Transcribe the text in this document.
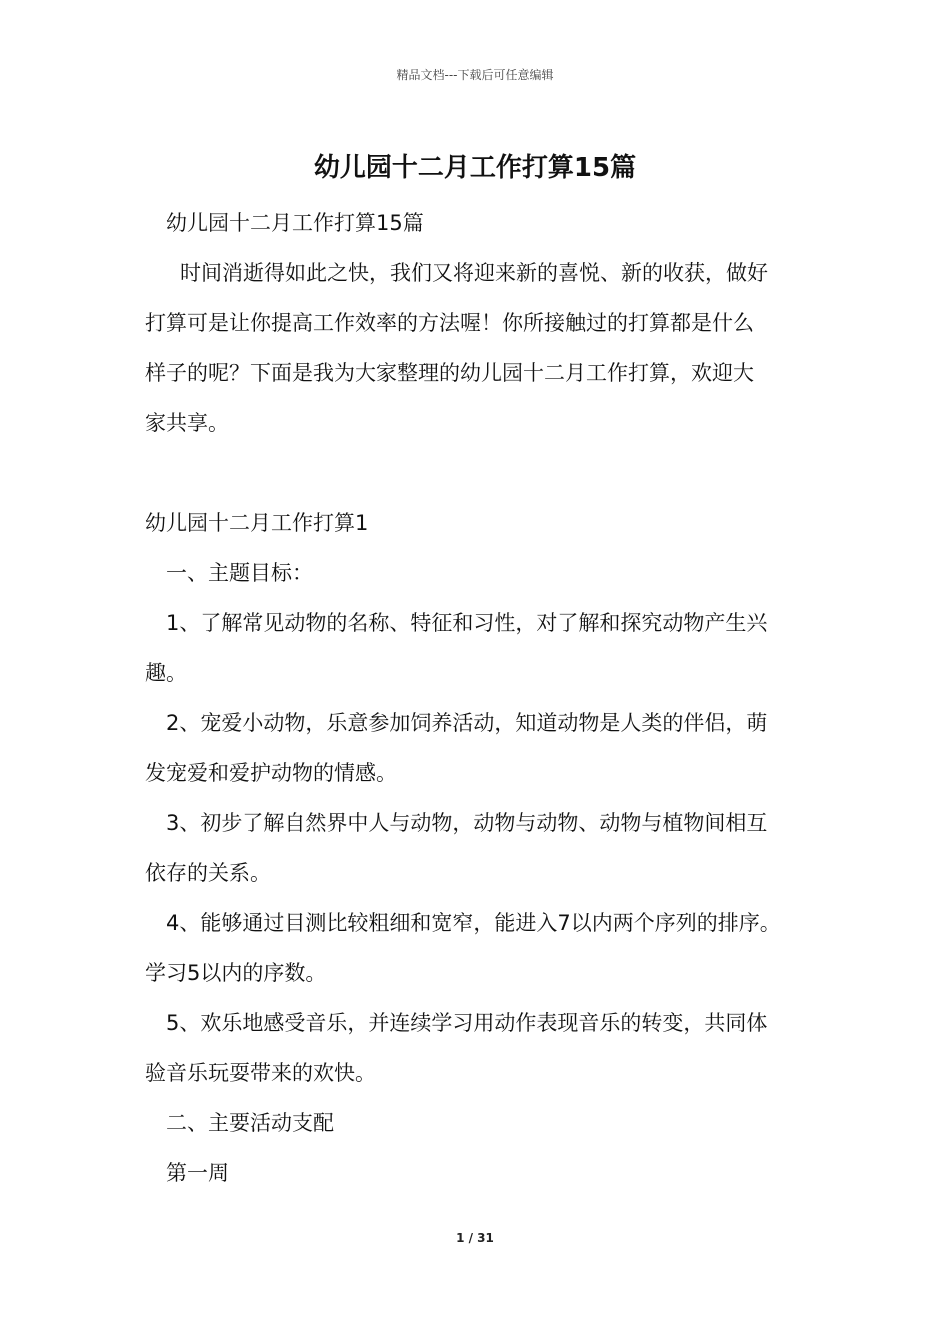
精品文档---下载后可任意编辑
幼儿园十二月工作打算15篇
幼儿园十二月工作打算15篇
时间消逝得如此之快，我们又将迎来新的喜悦、新的收获，做好
打算可是让你提高工作效率的方法喔！你所接触过的打算都是什么
样子的呢？下面是我为大家整理的幼儿园十二月工作打算，欢迎大
家共享。
幼儿园十二月工作打算1
一、主题目标：
1、了解常见动物的名称、特征和习性，对了解和探究动物产生兴
趣。
2、宠爱小动物，乐意参加饲养活动，知道动物是人类的伴侣，萌
发宠爱和爱护动物的情感。
3、初步了解自然界中人与动物，动物与动物、动物与植物间相互
依存的关系。
4、能够通过目测比较粗细和宽窄，能进入7以内两个序列的排序。
学习5以内的序数。
5、欢乐地感受音乐，并连续学习用动作表现音乐的转变，共同体
验音乐玩耍带来的欢快。
二、主要活动支配
第一周
1 / 31
